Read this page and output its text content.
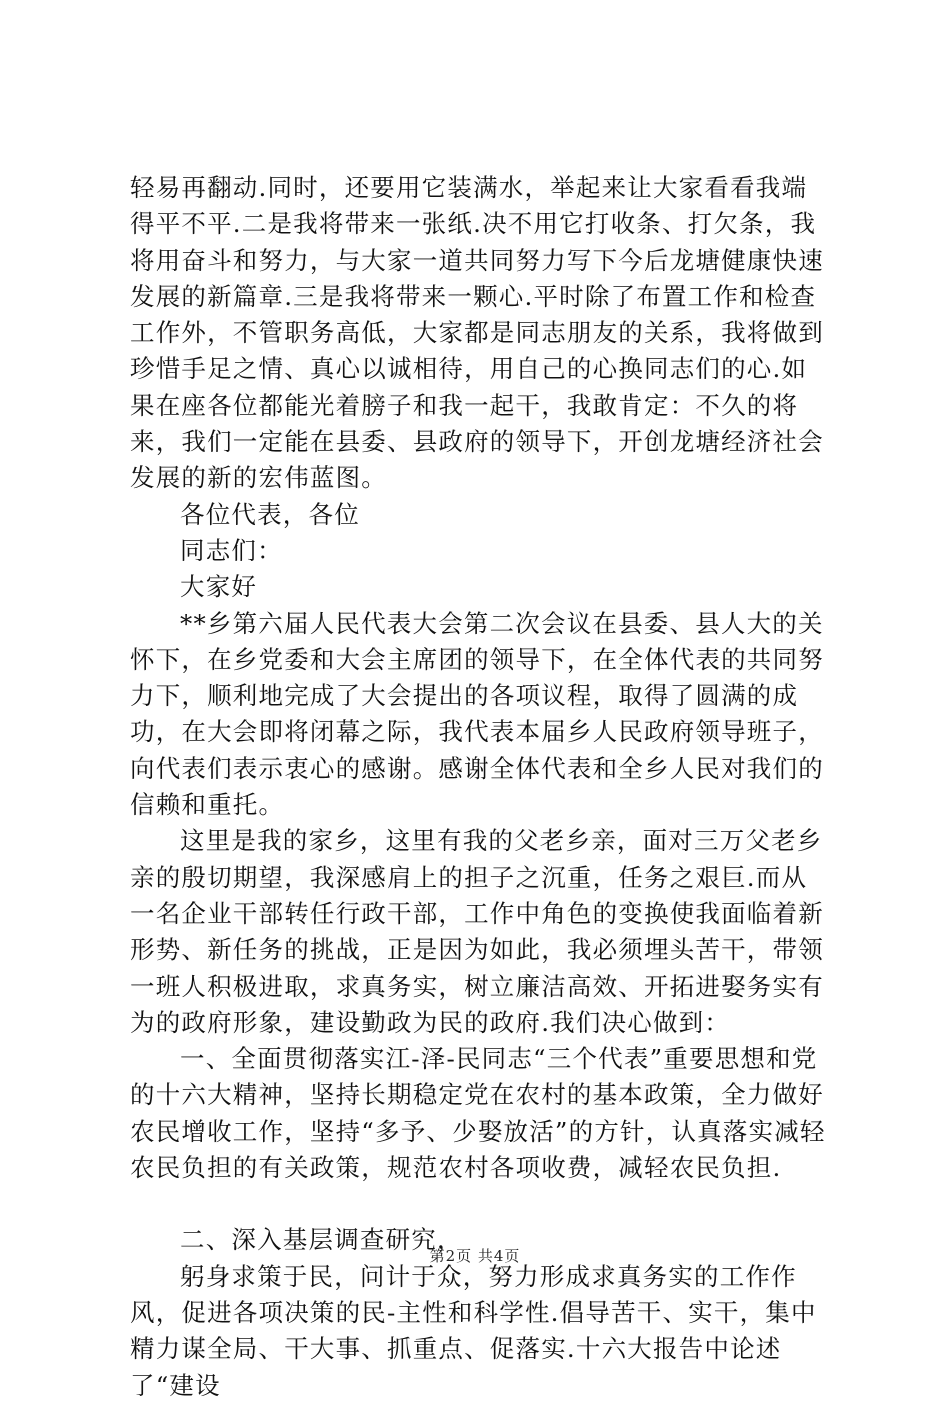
轻易再翻动.同时，还要用它装满水，举起来让大家看看我端得平不平.二是我将带来一张纸.决不用它打收条、打欠条，我将用奋斗和努力，与大家一道共同努力写下今后龙塘健康快速发展的新篇章.三是我将带来一颗心.平时除了布置工作和检查工作外，不管职务高低，大家都是同志朋友的关系，我将做到珍惜手足之情、真心以诚相待，用自己的心换同志们的心.如果在座各位都能光着膀子和我一起干，我敢肯定：不久的将来，我们一定能在县委、县政府的领导下，开创龙塘经济社会发展的新的宏伟蓝图。

各位代表，各位

同志们：

大家好

**乡第六届人民代表大会第二次会议在县委、县人大的关怀下，在乡党委和大会主席团的领导下，在全体代表的共同努力下，顺利地完成了大会提出的各项议程，取得了圆满的成功，在大会即将闭幕之际，我代表本届乡人民政府领导班子，向代表们表示衷心的感谢。感谢全体代表和全乡人民对我们的信赖和重托。

这里是我的家乡，这里有我的父老乡亲，面对三万父老乡亲的殷切期望，我深感肩上的担子之沉重，任务之艰巨.而从一名企业干部转任行政干部，工作中角色的变换使我面临着新形势、新任务的挑战，正是因为如此，我必须埋头苦干，带领一班人积极进取，求真务实，树立廉洁高效、开拓进娶务实有为的政府形象，建设勤政为民的政府.我们决心做到：

一、全面贯彻落实江-泽-民同志“三个代表”重要思想和党的十六大精神，坚持长期稳定党在农村的基本政策，全力做好农民增收工作，坚持“多予、少娶放活”的方针，认真落实减轻农民负担的有关政策，规范农村各项收费，减轻农民负担.

二、深入基层调查研究，

躬身求策于民，问计于众，努力形成求真务实的工作作风，促进各项决策的民-主性和科学性.倡导苦干、实干，集中精力谋全局、干大事、抓重点、促落实.十六大报告中论述了“建设

第2页 共4页
